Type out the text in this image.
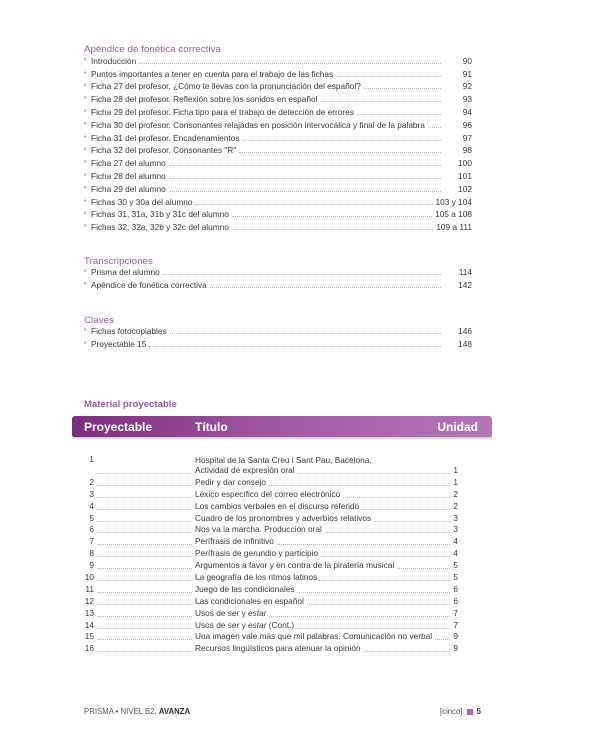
Apéndice de fonética correctiva
• Introducción	90
• Puntos importantes a tener en cuenta para el trabajo de las fichas	91
• Ficha 27 del profesor. ¿Cómo te llevas con la pronunciación del español?	92
• Ficha 28 del profesor. Reflexión sobre los sonidos en español	93
• Ficha 29 del profesor. Ficha tipo para el trabajo de detección de errores	94
• Ficha 30 del profesor. Consonantes relajadas en posición intervocálica y final de la palabra	96
• Ficha 31 del profesor. Encadenamientos	97
• Ficha 32 del profesor. Consonantes "R"	98
• Ficha 27 del alumno	100
• Ficha 28 del alumno	101
• Ficha 29 del alumno	102
• Fichas 30 y 30a del alumno	103 y 104
• Fichas 31, 31a, 31b y 31c del alumno	105 a 108
• Fichas 32, 32a, 32b y 32c del alumno	109 a 111
Transcripciones
• Prisma del alumno	114
• Apéndice de fonética correctiva	142
Claves
• Fichas fotocopiables	146
• Proyectable 15	148
Material proyectable
Proyectable	Título	Unidad
1	Hospital de la Santa Creu i Sant Pau, Bacelona.
Actividad de expresión oral	1
2	Pedir y dar consejo	1
3	Léxico específico del correo electrónico	2
4	Los cambios verbales en el discurso referido	2
5	Cuadro de los pronombres y adverbios relativos	3
6	Nos va la marcha. Producción oral	3
7	Perífrasis de infinitivo	4
8	Perífrasis de gerundio y participio	4
9	Argumentos a favor y en contra de la piratería musical	5
10	La geografía de los ritmos latinos	5
11	Juego de las condicionales	6
12	Las condicionales en español	6
13	Usos de ser y estar	7
14	Usos de ser y estar (Cont.)	7
15	Una imagen vale más que mil palabras. Comunicación no verbal	9
16	Recursos lingüísticos para atenuar la opinión	9
PRISMA • NIVEL B2. AVANZA	[cinco] 5
